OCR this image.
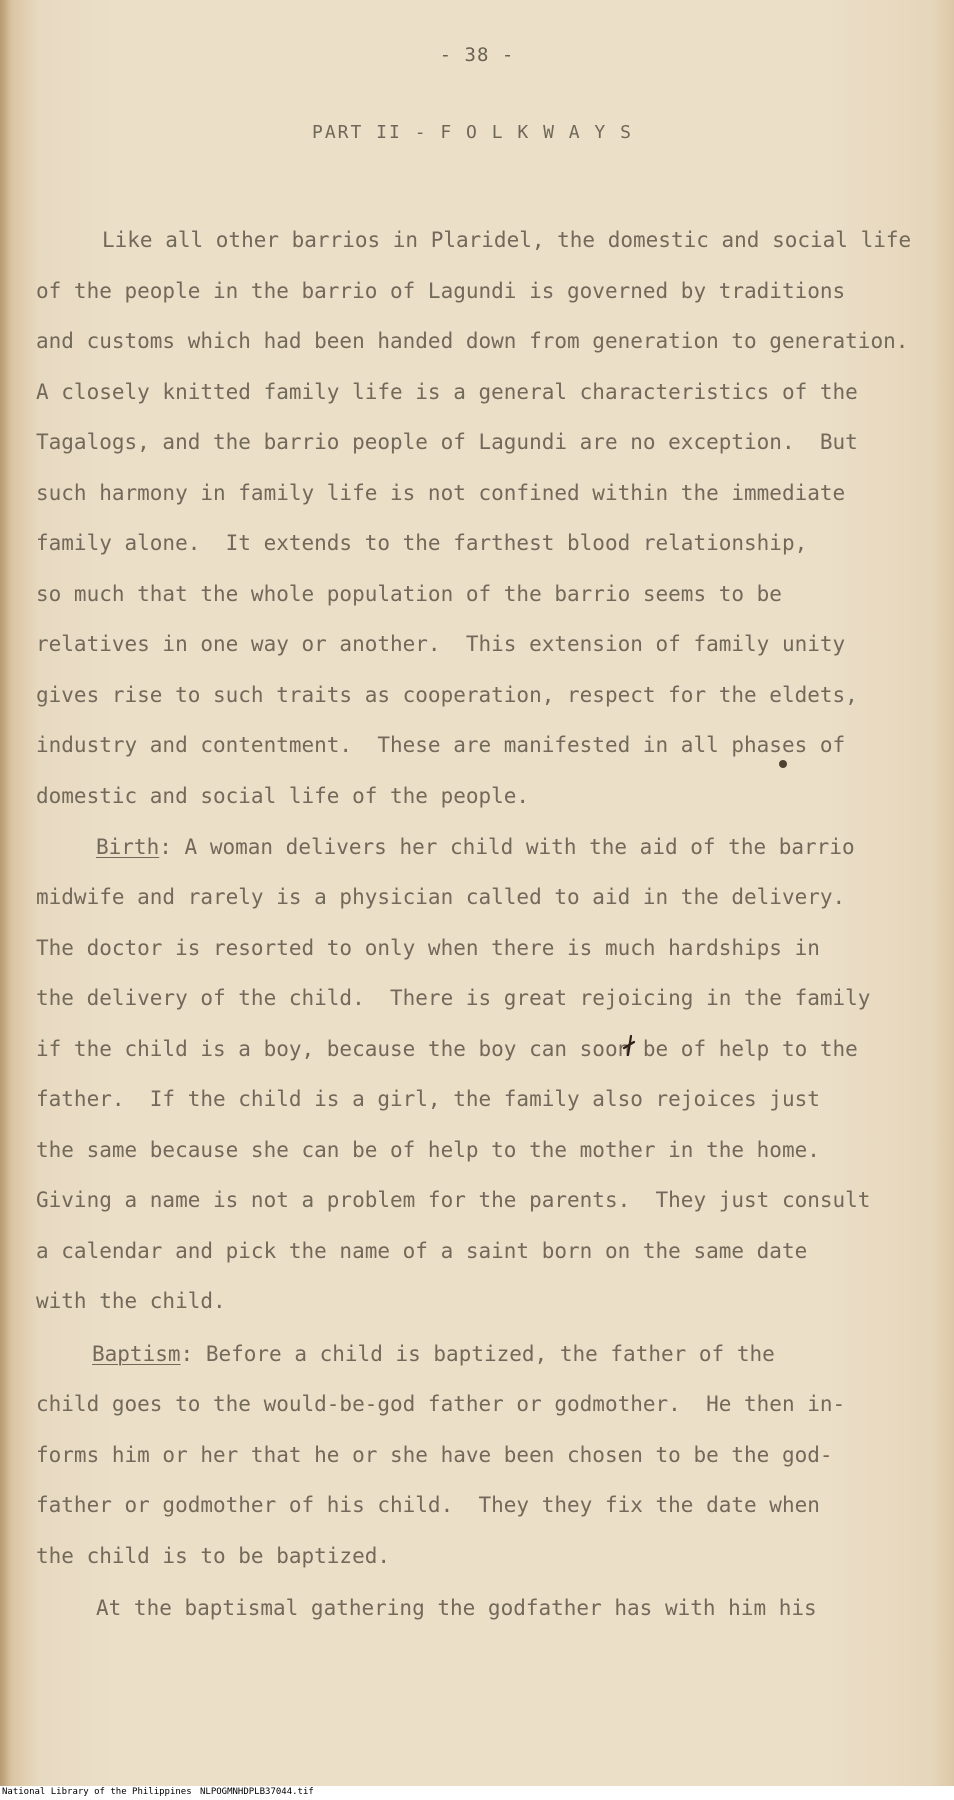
- 38 -
PART II - F O L K W A Y S
Like all other barrios in Plaridel, the domestic and social life
of the people in the barrio of Lagundi is governed by traditions
and customs which had been handed down from generation to generation.
A closely knitted family life is a general characteristics of the
Tagalogs, and the barrio people of Lagundi are no exception.  But
such harmony in family life is not confined within the immediate
family alone.  It extends to the farthest blood relationship,
so much that the whole population of the barrio seems to be
relatives in one way or another.  This extension of family unity
gives rise to such traits as cooperation, respect for the eldets,
industry and contentment.  These are manifested in all phases of
domestic and social life of the people.
Birth: A woman delivers her child with the aid of the barrio
midwife and rarely is a physician called to aid in the delivery.
The doctor is resorted to only when there is much hardships in
the delivery of the child.  There is great rejoicing in the family
if the child is a boy, because the boy can soon be of help to the
father.  If the child is a girl, the family also rejoices just
the same because she can be of help to the mother in the home.
Giving a name is not a problem for the parents.  They just consult
a calendar and pick the name of a saint born on the same date
with the child.
Baptism: Before a child is baptized, the father of the
child goes to the would-be-god father or godmother.  He then in-
forms him or her that he or she have been chosen to be the god-
father or godmother of his child.  They they fix the date when
the child is to be baptized.
At the baptismal gathering the godfather has with him his
National Library of the Philippines NLPOGMNHDPLB37044.tif
